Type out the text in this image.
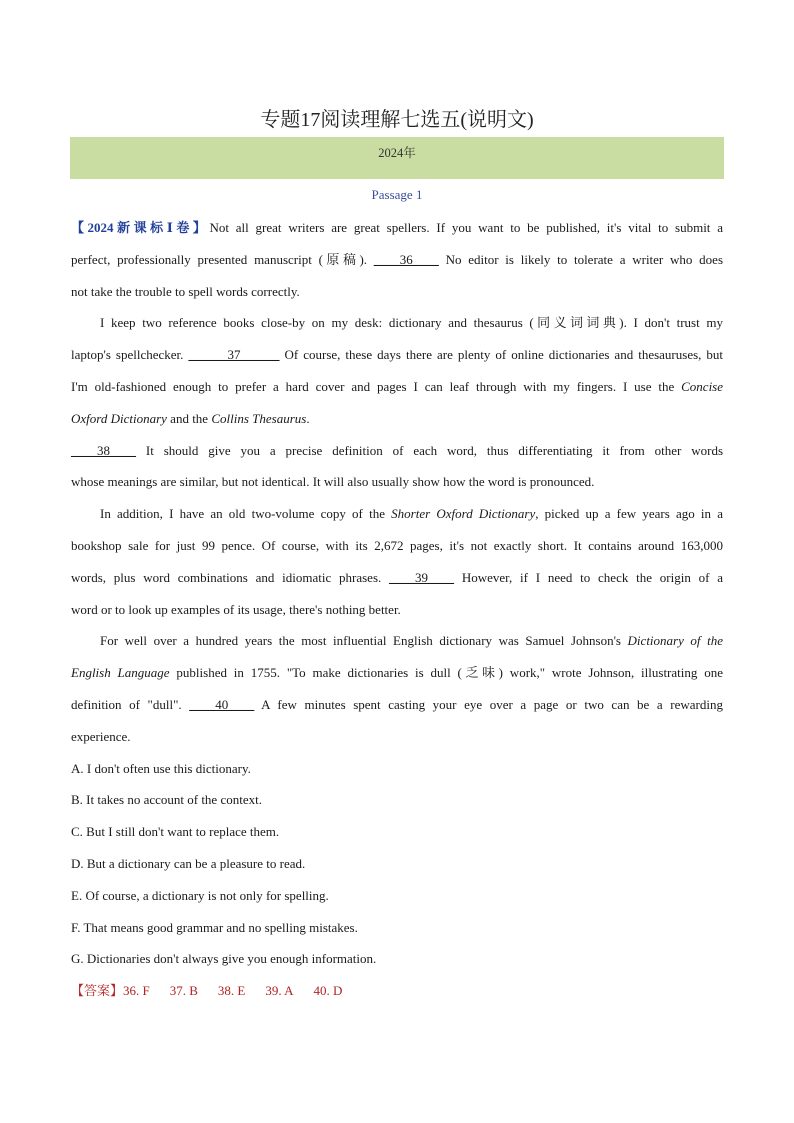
专题17阅读理解七选五(说明文)
2024年
Passage 1
【2024新课标Ⅰ卷】Not all great writers are great spellers. If you want to be published, it's vital to submit a
perfect, professionally presented manuscript (原稿). ____36____ No editor is likely to tolerate a writer who does
not take the trouble to spell words correctly.
I keep two reference books close-by on my desk: dictionary and thesaurus (同义词词典). I don't trust my
laptop's spellchecker. ______37______ Of course, these days there are plenty of online dictionaries and thesauruses, but
I'm old-fashioned enough to prefer a hard cover and pages I can leaf through with my fingers. I use the Concise
Oxford Dictionary and the Collins Thesaurus.
____38____ It should give you a precise definition of each word, thus differentiating it from other words
whose meanings are similar, but not identical. It will also usually show how the word is pronounced.
In addition, I have an old two-volume copy of the Shorter Oxford Dictionary, picked up a few years ago in a
bookshop sale for just 99 pence. Of course, with its 2,672 pages, it's not exactly short. It contains around 163,000
words, plus word combinations and idiomatic phrases. ____39____ However, if I need to check the origin of a
word or to look up examples of its usage, there's nothing better.
For well over a hundred years the most influential English dictionary was Samuel Johnson's Dictionary of the
English Language published in 1755. "To make dictionaries is dull (乏味) work," wrote Johnson, illustrating one
definition of "dull". ____40____ A few minutes spent casting your eye over a page or two can be a rewarding
experience.
A. I don't often use this dictionary.
B. It takes no account of the context.
C. But I still don't want to replace them.
D. But a dictionary can be a pleasure to read.
E. Of course, a dictionary is not only for spelling.
F. That means good grammar and no spelling mistakes.
G. Dictionaries don't always give you enough information.
【答案】36. F 37. B 38. E 39. A 40. D
